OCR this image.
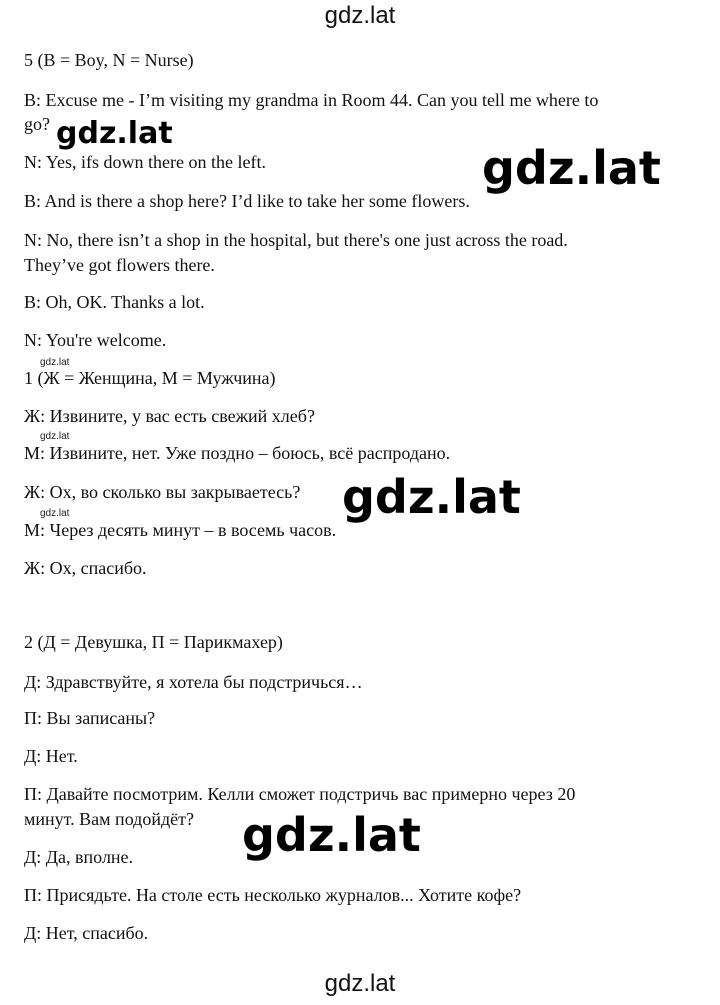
gdz.lat
5 (B = Boy, N = Nurse)
B: Excuse me - I’m visiting my grandma in Room 44. Can you tell me where to
go?
N: Yes, ifs down there on the left.
B: And is there a shop here? I’d like to take her some flowers.
N: No, there isn’t a shop in the hospital, but there's one just across the road.
They’ve got flowers there.
B: Oh, OK. Thanks a lot.
N: You're welcome.
1 (Ж = Женщина, М = Мужчина)
Ж: Извините, у вас есть свежий хлеб?
М: Извините, нет. Уже поздно – боюсь, всё распродано.
Ж: Ох, во сколько вы закрываетесь?
М: Через десять минут – в восемь часов.
Ж: Ох, спасибо.
2 (Д = Девушка, П = Парикмахер)
Д: Здравствуйте, я хотела бы подстричься…
П: Вы записаны?
Д: Нет.
П: Давайте посмотрим. Келли сможет подстричь вас примерно через 20
минут. Вам подойдёт?
Д: Да, вполне.
П: Присядьте. На столе есть несколько журналов... Хотите кофе?
Д: Нет, спасибо.
gdz.lat
gdz.lat
gdz.lat
gdz.lat
gdz.lat
gdz.lat
gdz.lat
gdz.lat
